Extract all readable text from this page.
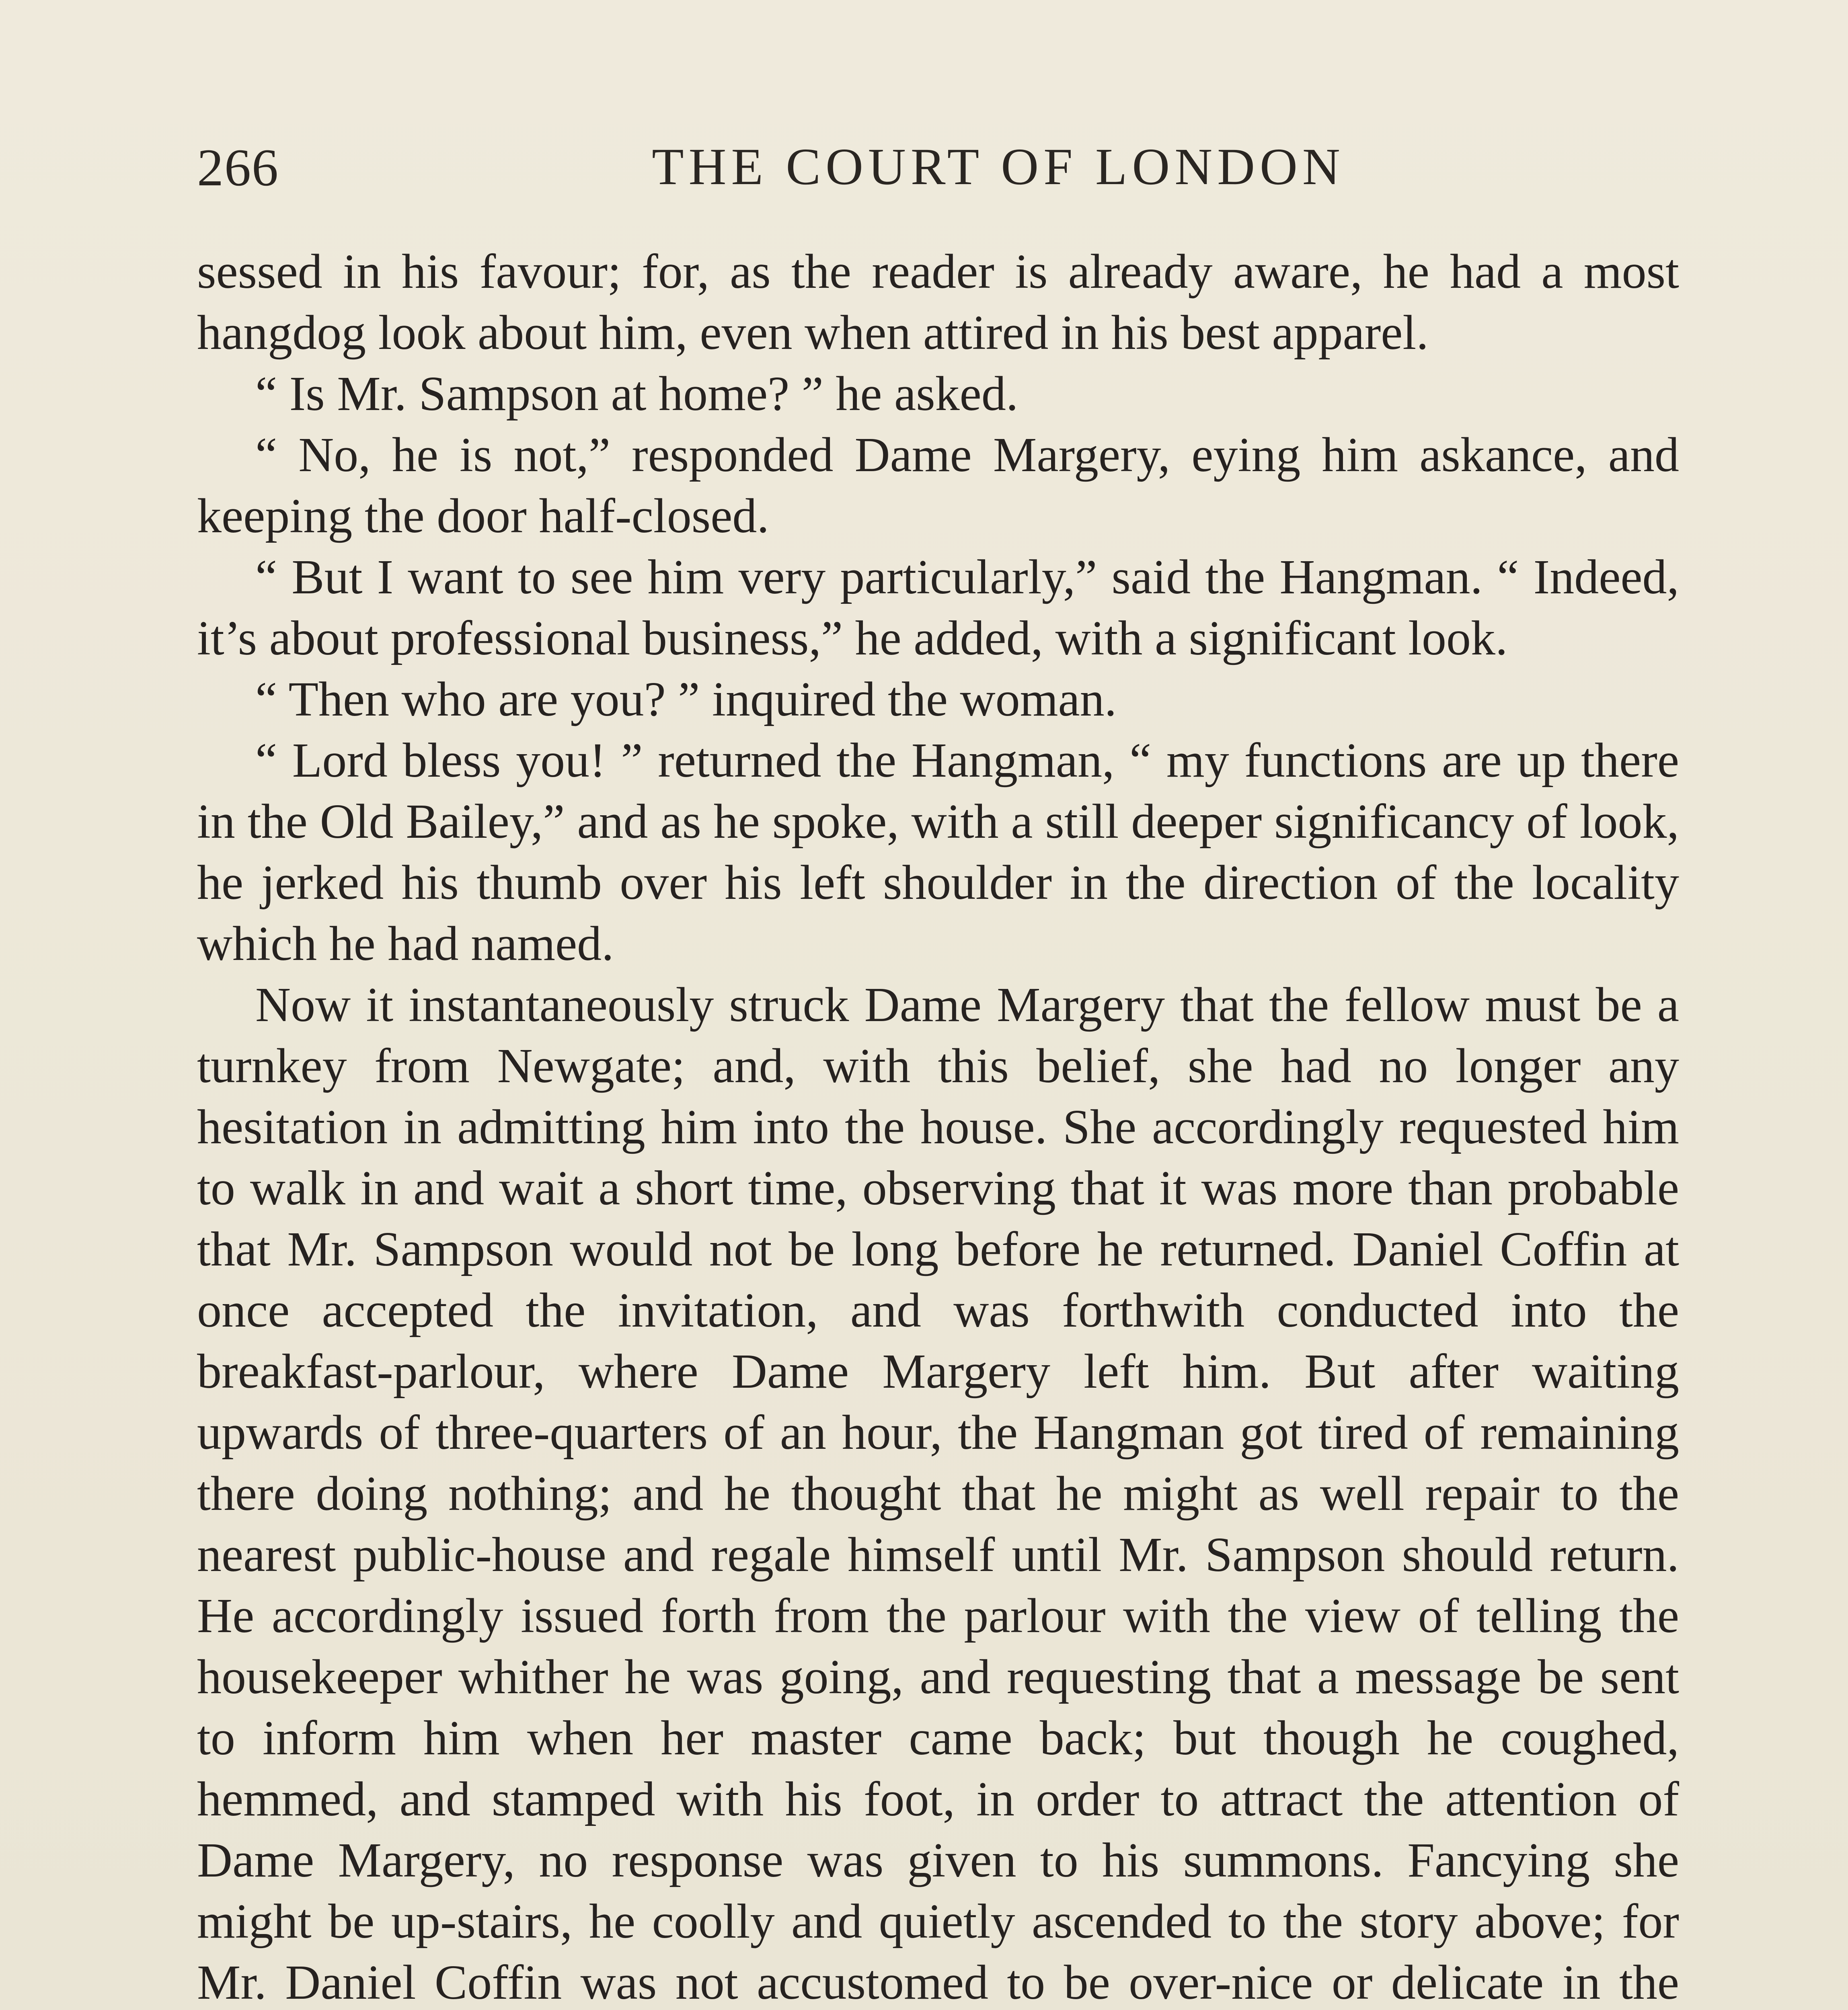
266	THE COURT OF LONDON

sessed in his favour; for, as the reader is already aware, he had a most hangdog look about him, even when attired in his best apparel.

“ Is Mr. Sampson at home? ” he asked.

“ No, he is not,” responded Dame Margery, eying him askance, and keeping the door half-closed.

“ But I want to see him very particularly,” said the Hangman. “ Indeed, it’s about professional business,” he added, with a significant look.

“ Then who are you? ” inquired the woman.

“ Lord bless you! ” returned the Hangman, “ my functions are up there in the Old Bailey,” and as he spoke, with a still deeper significancy of look, he jerked his thumb over his left shoulder in the direction of the locality which he had named.

Now it instantaneously struck Dame Margery that the fellow must be a turnkey from Newgate; and, with this belief, she had no longer any hesitation in admitting him into the house. She accordingly requested him to walk in and wait a short time, observing that it was more than probable that Mr. Sampson would not be long before he returned. Daniel Coffin at once accepted the invitation, and was forthwith conducted into the breakfast-parlour, where Dame Margery left him. But after waiting upwards of three-quarters of an hour, the Hangman got tired of remaining there doing nothing; and he thought that he might as well repair to the nearest public-house and regale himself until Mr. Sampson should return. He accordingly issued forth from the parlour with the view of telling the housekeeper whither he was going, and requesting that a message be sent to inform him when her master came back; but though he coughed, hemmed, and stamped with his foot, in order to attract the attention of Dame Margery, no response was given to his summons. Fancying she might be up-stairs, he coolly and quietly ascended to the story above; for Mr. Daniel Coffin was not accustomed to be over-nice or delicate in the
